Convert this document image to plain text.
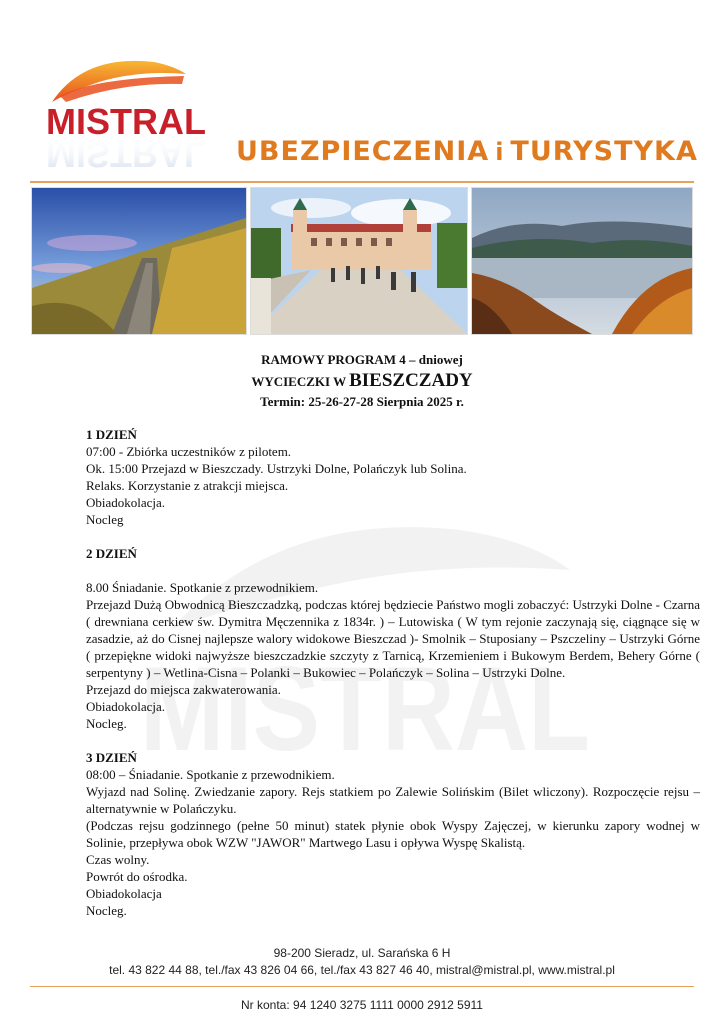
MISTRAL
MISTRAL UBEZPIECZENIA i TURYSTYKA
MISTRAL
RAMOWY PROGRAM 4 – dniowej
WYCIECZKI W BIESZCZADY
Termin: 25-26-27-28 Sierpnia 2025 r.
1 DZIEŃ
07:00 - Zbiórka uczestników z pilotem.
Ok. 15:00 Przejazd w Bieszczady. Ustrzyki Dolne, Polańczyk lub Solina.
Relaks. Korzystanie z atrakcji miejsca.
Obiadokolacja.
Nocleg
2 DZIEŃ
8.00 Śniadanie. Spotkanie z przewodnikiem.
Przejazd Dużą Obwodnicą Bieszczadzką, podczas której będziecie Państwo mogli zobaczyć: Ustrzyki Dolne - Czarna ( drewniana cerkiew św. Dymitra Męczennika z 1834r. ) – Lutowiska ( W tym rejonie zaczynają się, ciągnące się w zasadzie, aż do Cisnej najlepsze walory widokowe Bieszczad )- Smolnik – Stuposiany – Pszczeliny – Ustrzyki Górne ( przepiękne widoki najwyższe bieszczadzkie szczyty z Tarnicą, Krzemieniem i Bukowym Berdem, Behery Górne ( serpentyny ) – Wetlina-Cisna – Polanki – Bukowiec – Polańczyk – Solina – Ustrzyki Dolne.
Przejazd do miejsca zakwaterowania.
Obiadokolacja.
Nocleg.
3 DZIEŃ
08:00 – Śniadanie. Spotkanie z przewodnikiem.
Wyjazd nad Solinę. Zwiedzanie zapory. Rejs statkiem po Zalewie Solińskim (Bilet wliczony). Rozpoczęcie rejsu – alternatywnie w Polańczyku.
(Podczas rejsu godzinnego (pełne 50 minut) statek płynie obok Wyspy Zajęczej, w kierunku zapory wodnej w Solinie, przepływa obok WZW "JAWOR" Martwego Lasu i opływa Wyspę Skalistą.
Czas wolny.
Powrót do ośrodka.
Obiadokolacja
Nocleg.
98-200 Sieradz, ul. Sarańska 6 H
tel. 43 822 44 88, tel./fax 43 826 04 66, tel./fax 43 827 46 40, mistral@mistral.pl, www.mistral.pl
Nr konta: 94 1240 3275 1111 0000 2912 5911
